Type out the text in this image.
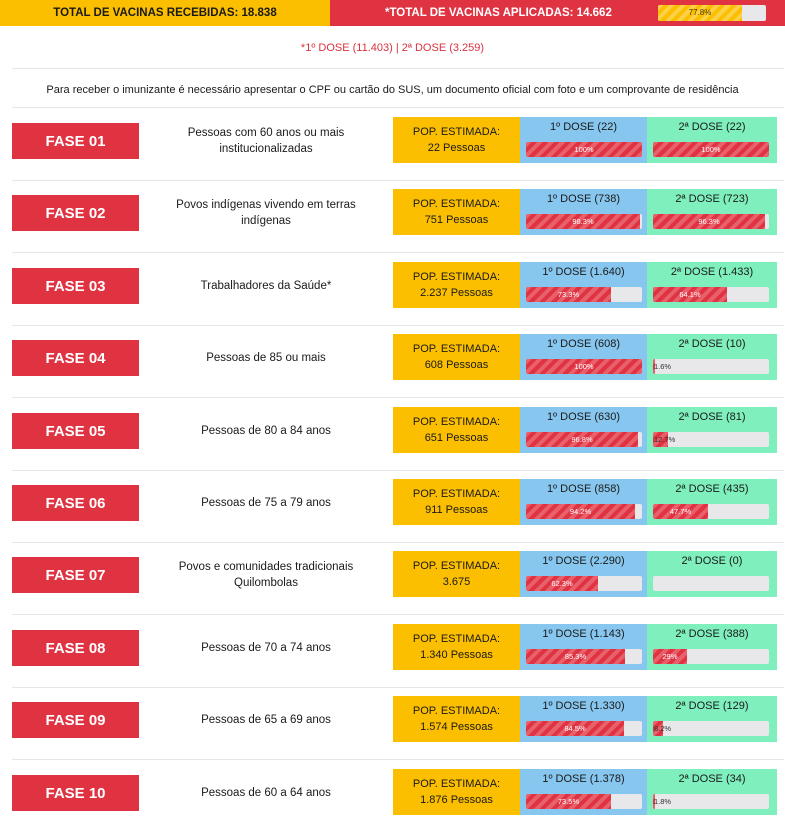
TOTAL DE VACINAS RECEBIDAS: 18.838	*TOTAL DE VACINAS APLICADAS: 14.662	77.8%
*1º DOSE (11.403) | 2ª DOSE (3.259)
Para receber o imunizante é necessário apresentar o CPF ou cartão do SUS, um documento oficial com foto e um comprovante de residência
FASE 01	Pessoas com 60 anos ou mais institucionalizadas
POP. ESTIMADA:
22 Pessoas
1º DOSE (22)
100%
2ª DOSE (22)
100%
FASE 02	Povos indígenas vivendo em terras indígenas
POP. ESTIMADA:
751 Pessoas
1º DOSE (738)
98.3%
2ª DOSE (723)
96.3%
FASE 03	Trabalhadores da Saúde*
POP. ESTIMADA:
2.237 Pessoas
1º DOSE (1.640)
73.3%
2ª DOSE (1.433)
64.1%
FASE 04	Pessoas de 85 ou mais
POP. ESTIMADA:
608 Pessoas
1º DOSE (608)
100%
2ª DOSE (10)
1.6%
FASE 05	Pessoas de 80 a 84 anos
POP. ESTIMADA:
651 Pessoas
1º DOSE (630)
96.8%
2ª DOSE (81)
12.7%
FASE 06	Pessoas de 75 a 79 anos
POP. ESTIMADA:
911 Pessoas
1º DOSE (858)
94.2%
2ª DOSE (435)
47.7%
FASE 07	Povos e comunidades tradicionais Quilombolas
POP. ESTIMADA:
3.675
1º DOSE (2.290)
62.3%
2ª DOSE (0)
FASE 08	Pessoas de 70 a 74 anos
POP. ESTIMADA:
1.340 Pessoas
1º DOSE (1.143)
85.3%
2ª DOSE (388)
29%
FASE 09	Pessoas de 65 a 69 anos
POP. ESTIMADA:
1.574 Pessoas
1º DOSE (1.330)
84.5%
2ª DOSE (129)
8.2%
FASE 10	Pessoas de 60 a 64 anos
POP. ESTIMADA:
1.876 Pessoas
1º DOSE (1.378)
73.5%
2ª DOSE (34)
1.8%
